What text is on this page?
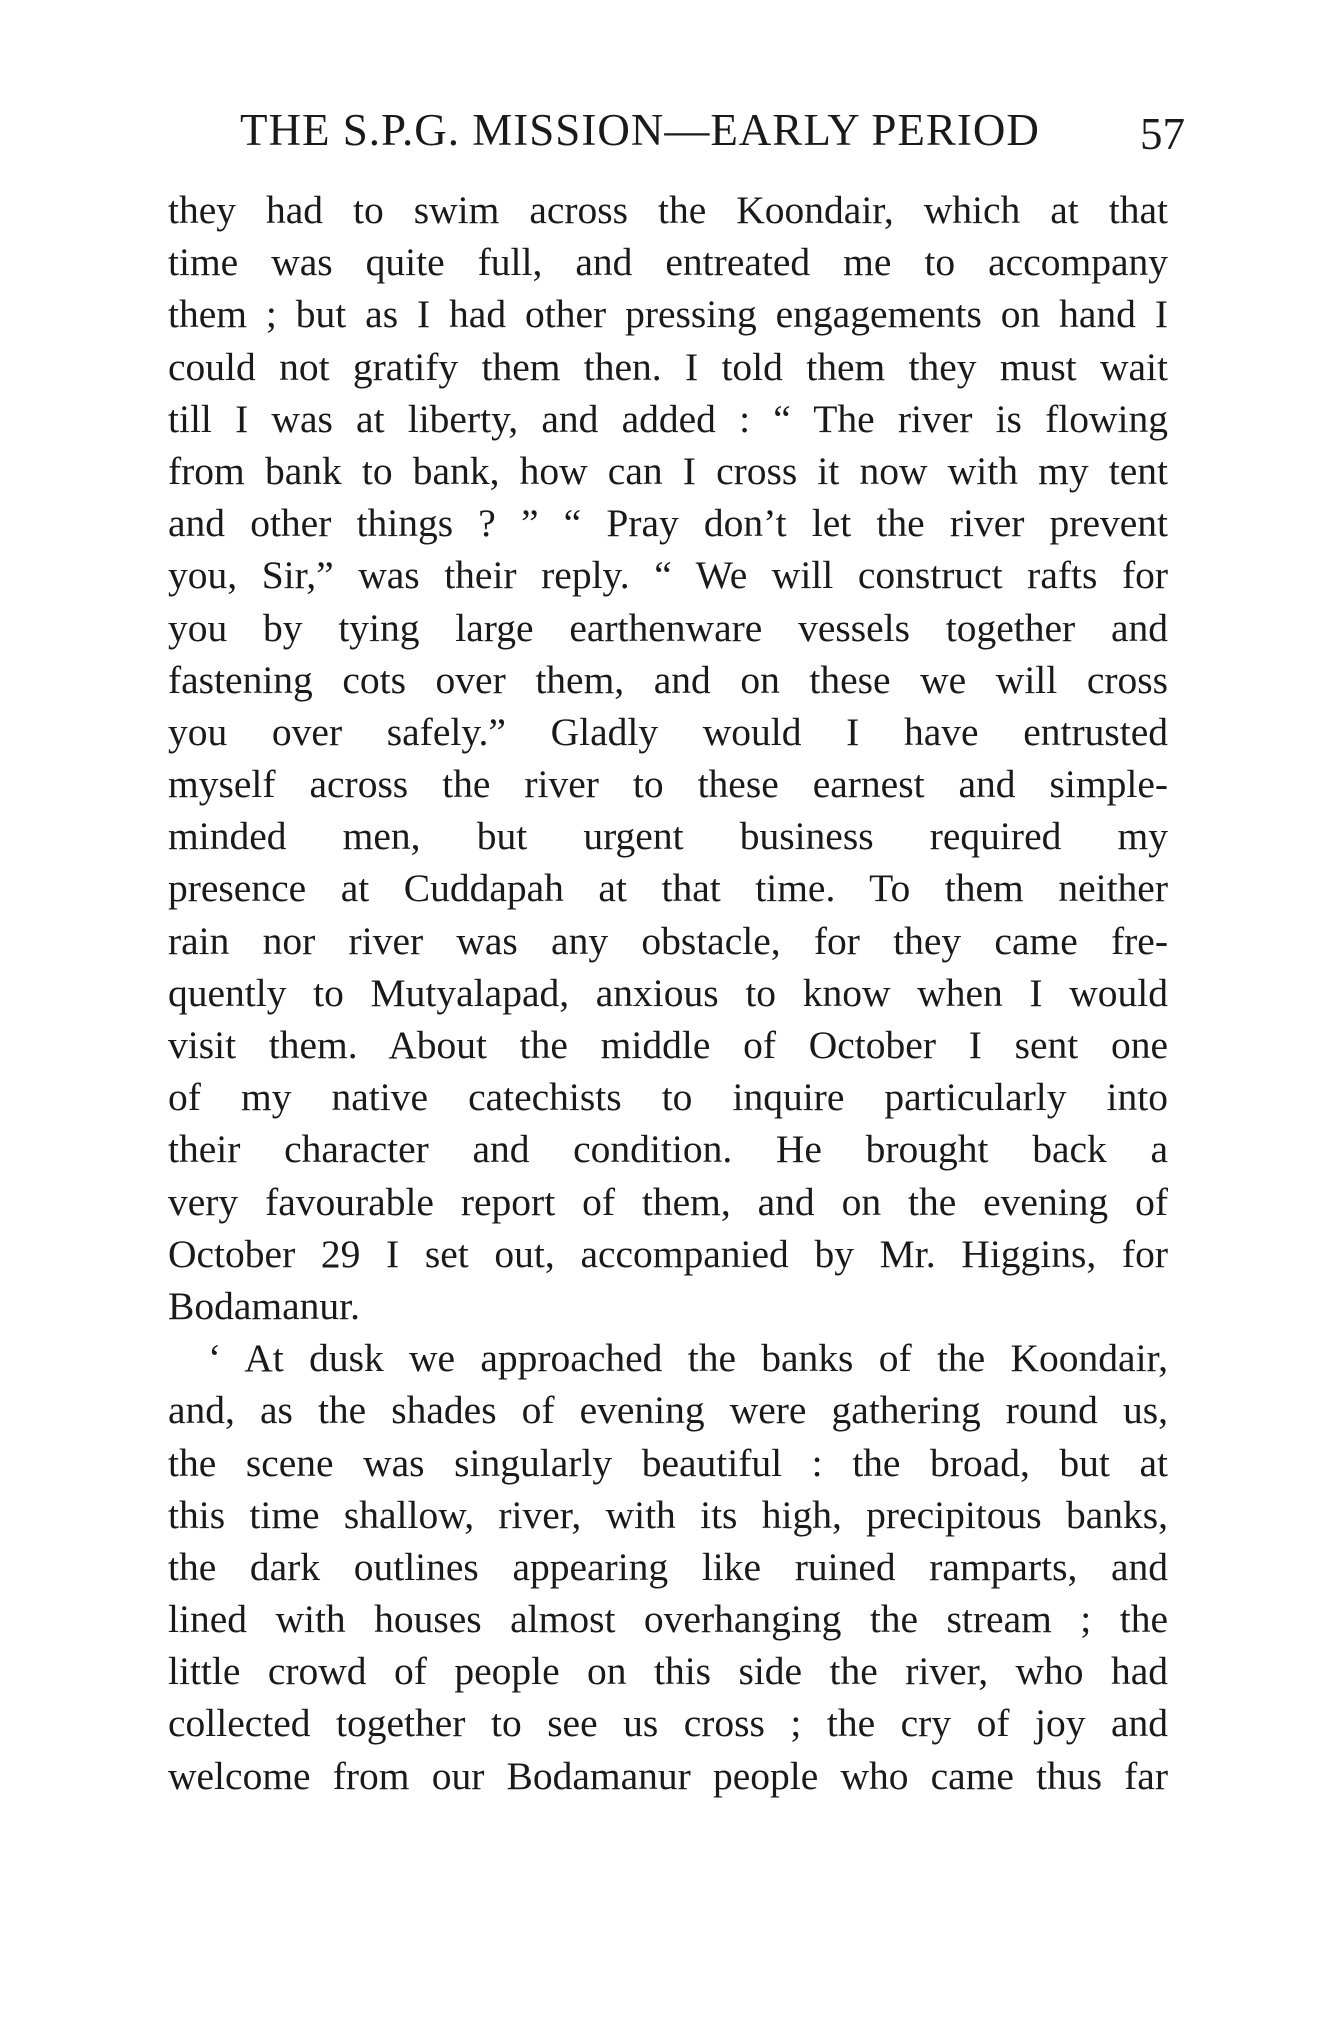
THE S.P.G. MISSION—EARLY PERIOD 57
they had to swim across the Koondair, which at that
time was quite full, and entreated me to accompany
them ; but as I had other pressing engagements on hand I
could not gratify them then. I told them they must wait
till I was at liberty, and added : “ The river is flowing
from bank to bank, how can I cross it now with my tent
and other things ? ” “ Pray don’t let the river prevent
you, Sir,” was their reply. “ We will construct rafts for
you by tying large earthenware vessels together and
fastening cots over them, and on these we will cross
you over safely.” Gladly would I have entrusted
myself across the river to these earnest and simple-
minded men, but urgent business required my
presence at Cuddapah at that time. To them neither
rain nor river was any obstacle, for they came fre-
quently to Mutyalapad, anxious to know when I would
visit them. About the middle of October I sent one
of my native catechists to inquire particularly into
their character and condition. He brought back a
very favourable report of them, and on the evening of
October 29 I set out, accompanied by Mr. Higgins, for
Bodamanur.
‘ At dusk we approached the banks of the Koondair,
and, as the shades of evening were gathering round us,
the scene was singularly beautiful : the broad, but at
this time shallow, river, with its high, precipitous banks,
the dark outlines appearing like ruined ramparts, and
lined with houses almost overhanging the stream ; the
little crowd of people on this side the river, who had
collected together to see us cross ; the cry of joy and
welcome from our Bodamanur people who came thus far
